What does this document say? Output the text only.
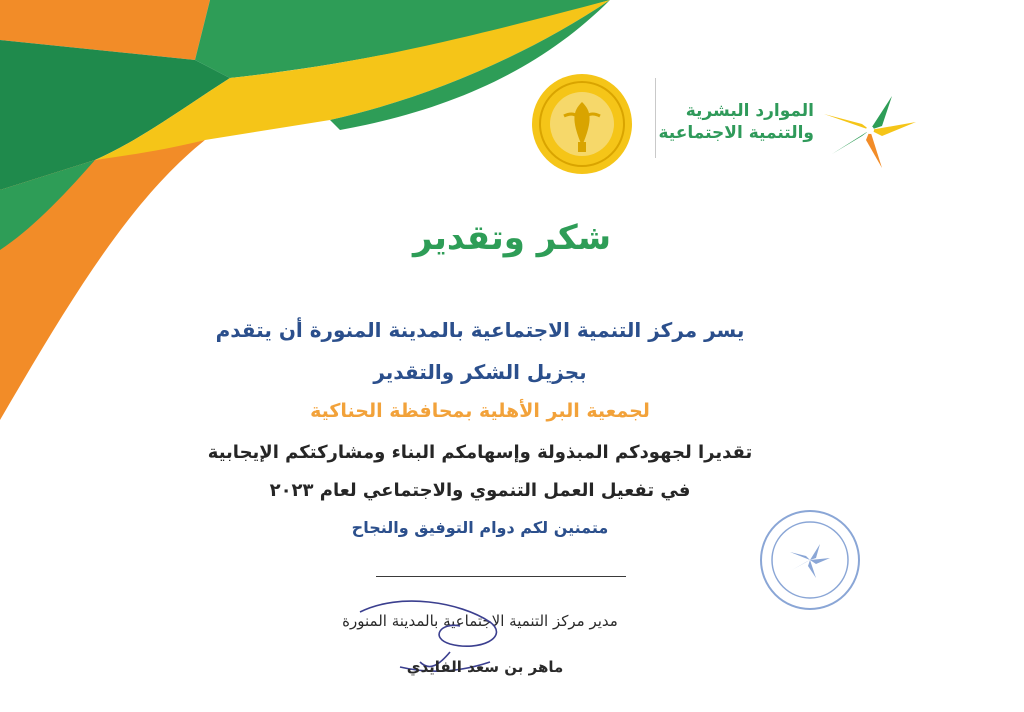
الموارد البشرية
والتنمية الاجتماعية
شكر وتقدير
يسر مركز التنمية الاجتماعية بالمدينة المنورة أن يتقدم
بجزيل الشكر والتقدير
لجمعية البر الأهلية بمحافظة الحناكية
تقديرا لجهودكم المبذولة وإسهامكم البناء ومشاركتكم الإيجابية
في تفعيل العمل التنموي والاجتماعي لعام ٢٠٢٣
متمنين لكم دوام التوفيق والنجاح
مدير مركز التنمية الاجتماعية بالمدينة المنورة
ماهر بن سعد الفايدي
